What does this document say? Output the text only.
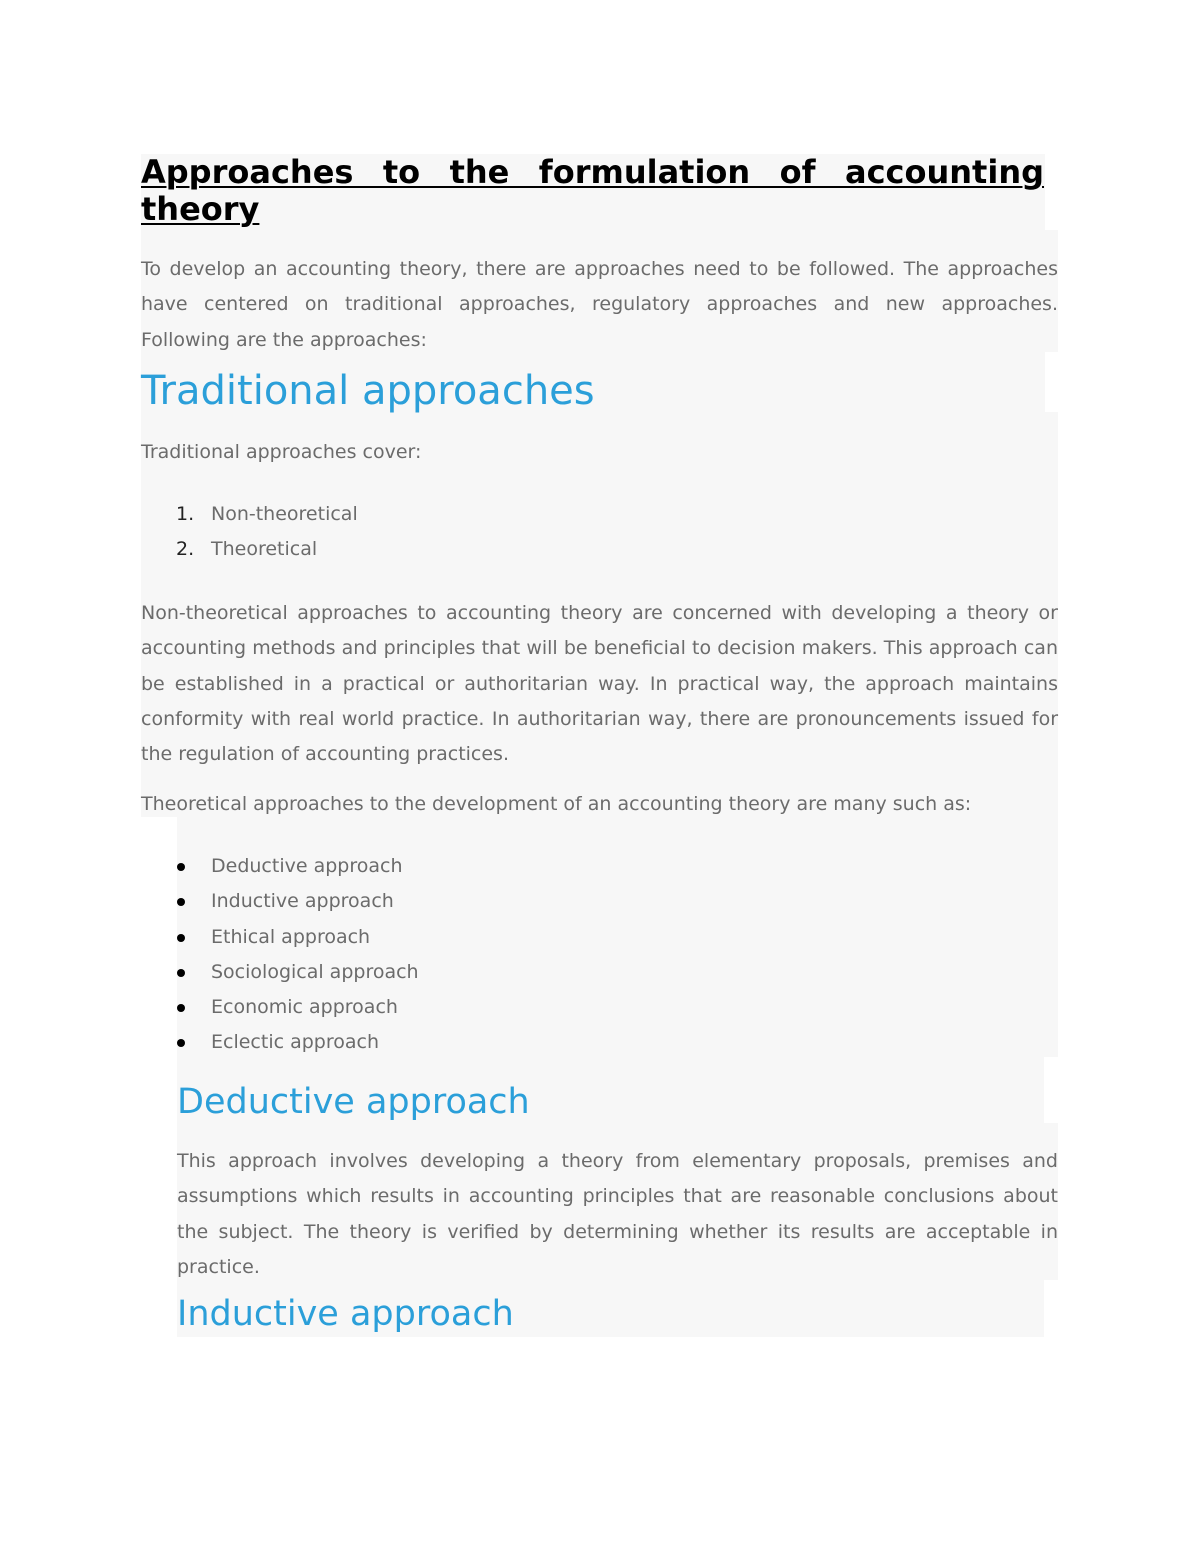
Approaches to the formulation of accounting theory

To develop an accounting theory, there are approaches need to be followed. The approaches have centered on traditional approaches, regulatory approaches and new approaches. Following are the approaches:

Traditional approaches

Traditional approaches cover:

1. Non-theoretical
2. Theoretical

Non-theoretical approaches to accounting theory are concerned with developing a theory or accounting methods and principles that will be beneficial to decision makers. This approach can be established in a practical or authoritarian way. In practical way, the approach maintains conformity with real world practice. In authoritarian way, there are pronouncements issued for the regulation of accounting practices.

Theoretical approaches to the development of an accounting theory are many such as:

Deductive approach
Inductive approach
Ethical approach
Sociological approach
Economic approach
Eclectic approach
Deductive approach

This approach involves developing a theory from elementary proposals, premises and assumptions which results in accounting principles that are reasonable conclusions about the subject. The theory is verified by determining whether its results are acceptable in practice.

Inductive approach
